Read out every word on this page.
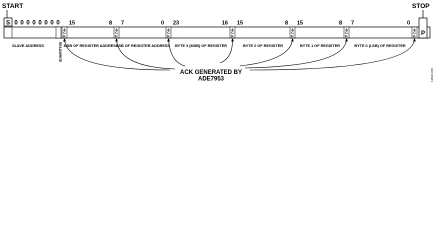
START	STOP
S 0 0 0 0 0 0 0 0
SLAVE ADDRESS	READ/WRITE
A
C
K
15	8
MSB OF REGISTER ADDRESS
A
C
K
7	0
LSB OF REGISTER ADDRESS
A
C
K
23	16
BYTE 3 (MSB) OF REGISTER
A
C
K
15	8
BYTE 2 OF REGISTER
A
C
K
15	8
BYTE 1 OF REGISTER
A
C
K
7	0
BYTE 0 (LSB) OF REGISTER
A
C
K P
ACK GENERATED BY
ADE7953	11836-015
